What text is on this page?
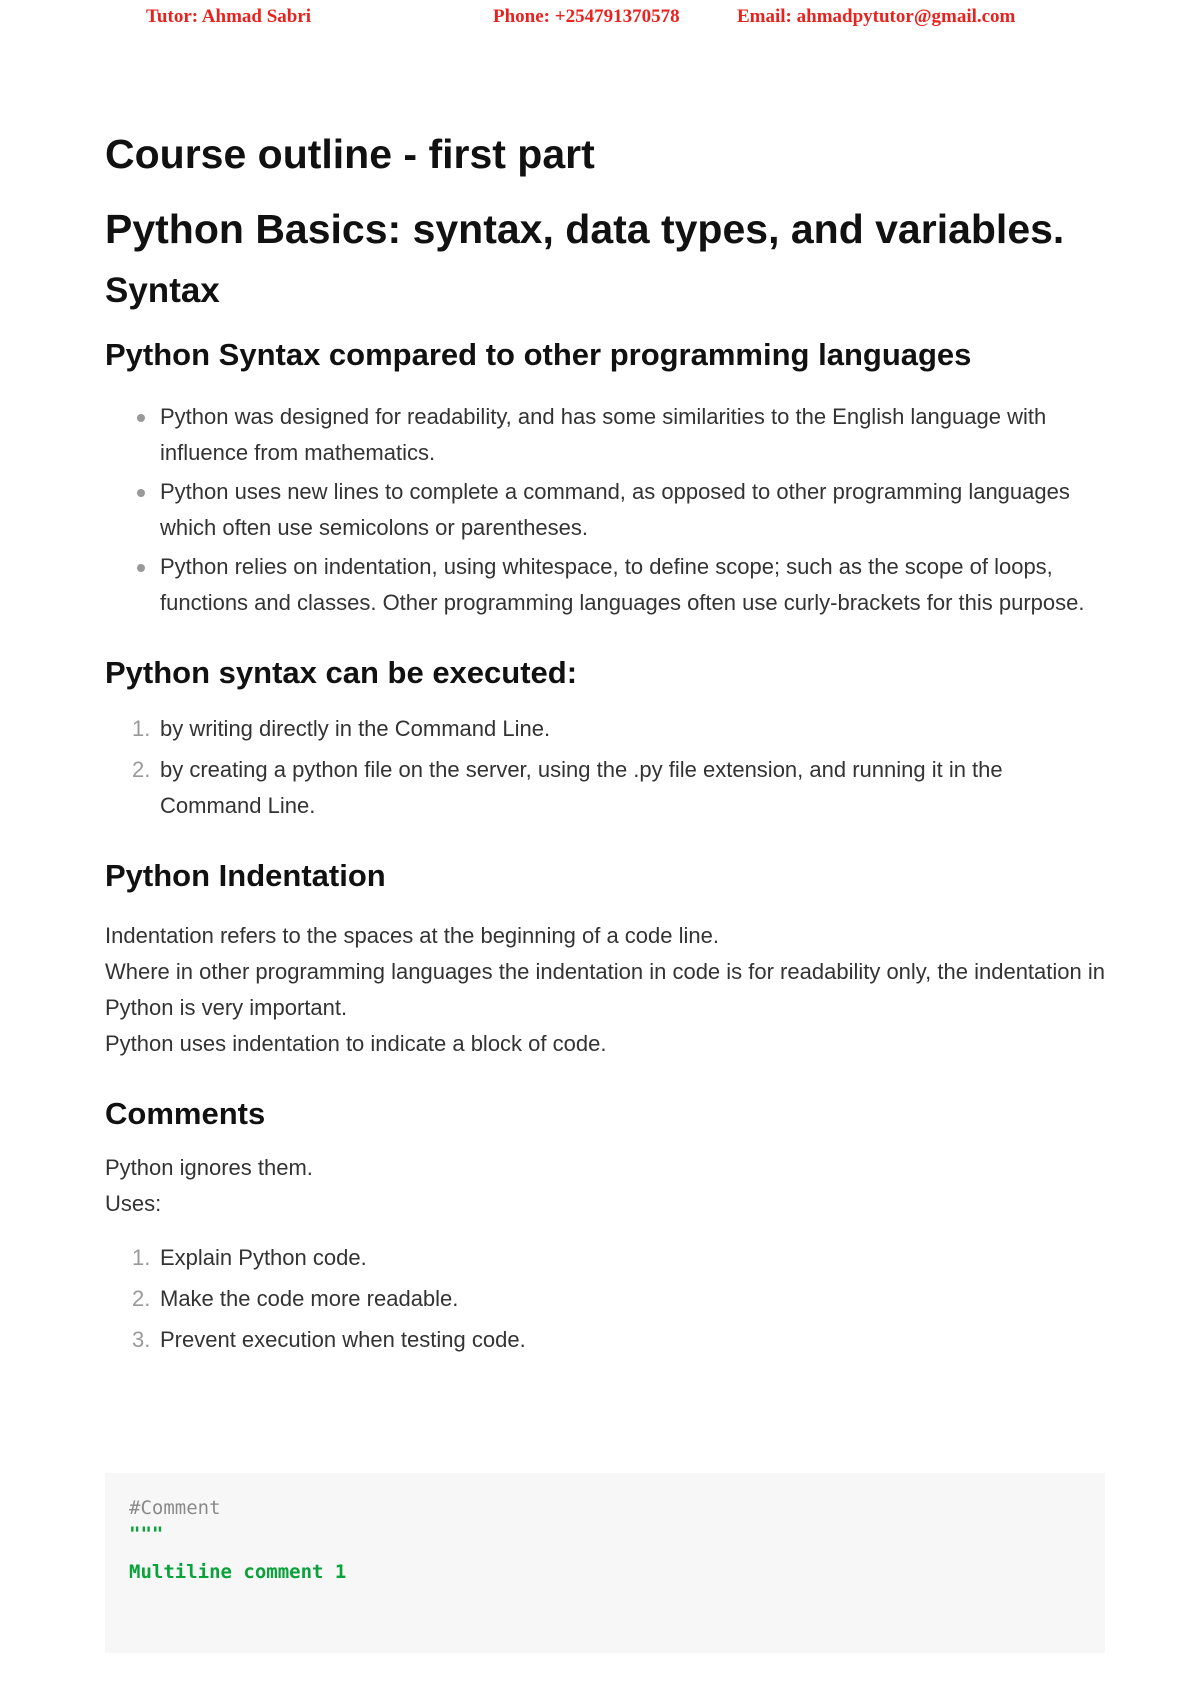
Tutor: Ahmad Sabri	Phone: +254791370578	Email: ahmadpytutor@gmail.com
Course outline - first part
Python Basics: syntax, data types, and variables.
Syntax
Python Syntax compared to other programming languages
Python was designed for readability, and has some similarities to the English language with influence from mathematics.
Python uses new lines to complete a command, as opposed to other programming languages which often use semicolons or parentheses.
Python relies on indentation, using whitespace, to define scope; such as the scope of loops, functions and classes. Other programming languages often use curly-brackets for this purpose.
Python syntax can be executed:
1. by writing directly in the Command Line.
2. by creating a python file on the server, using the .py file extension, and running it in the Command Line.
Python Indentation

Indentation refers to the spaces at the beginning of a code line.
Where in other programming languages the indentation in code is for readability only, the indentation in Python is very important.
Python uses indentation to indicate a block of code.

Comments

Python ignores them.
Uses:

1. Explain Python code.
2. Make the code more readable.
3. Prevent execution when testing code.
#Comment
"""
Multiline comment 1
